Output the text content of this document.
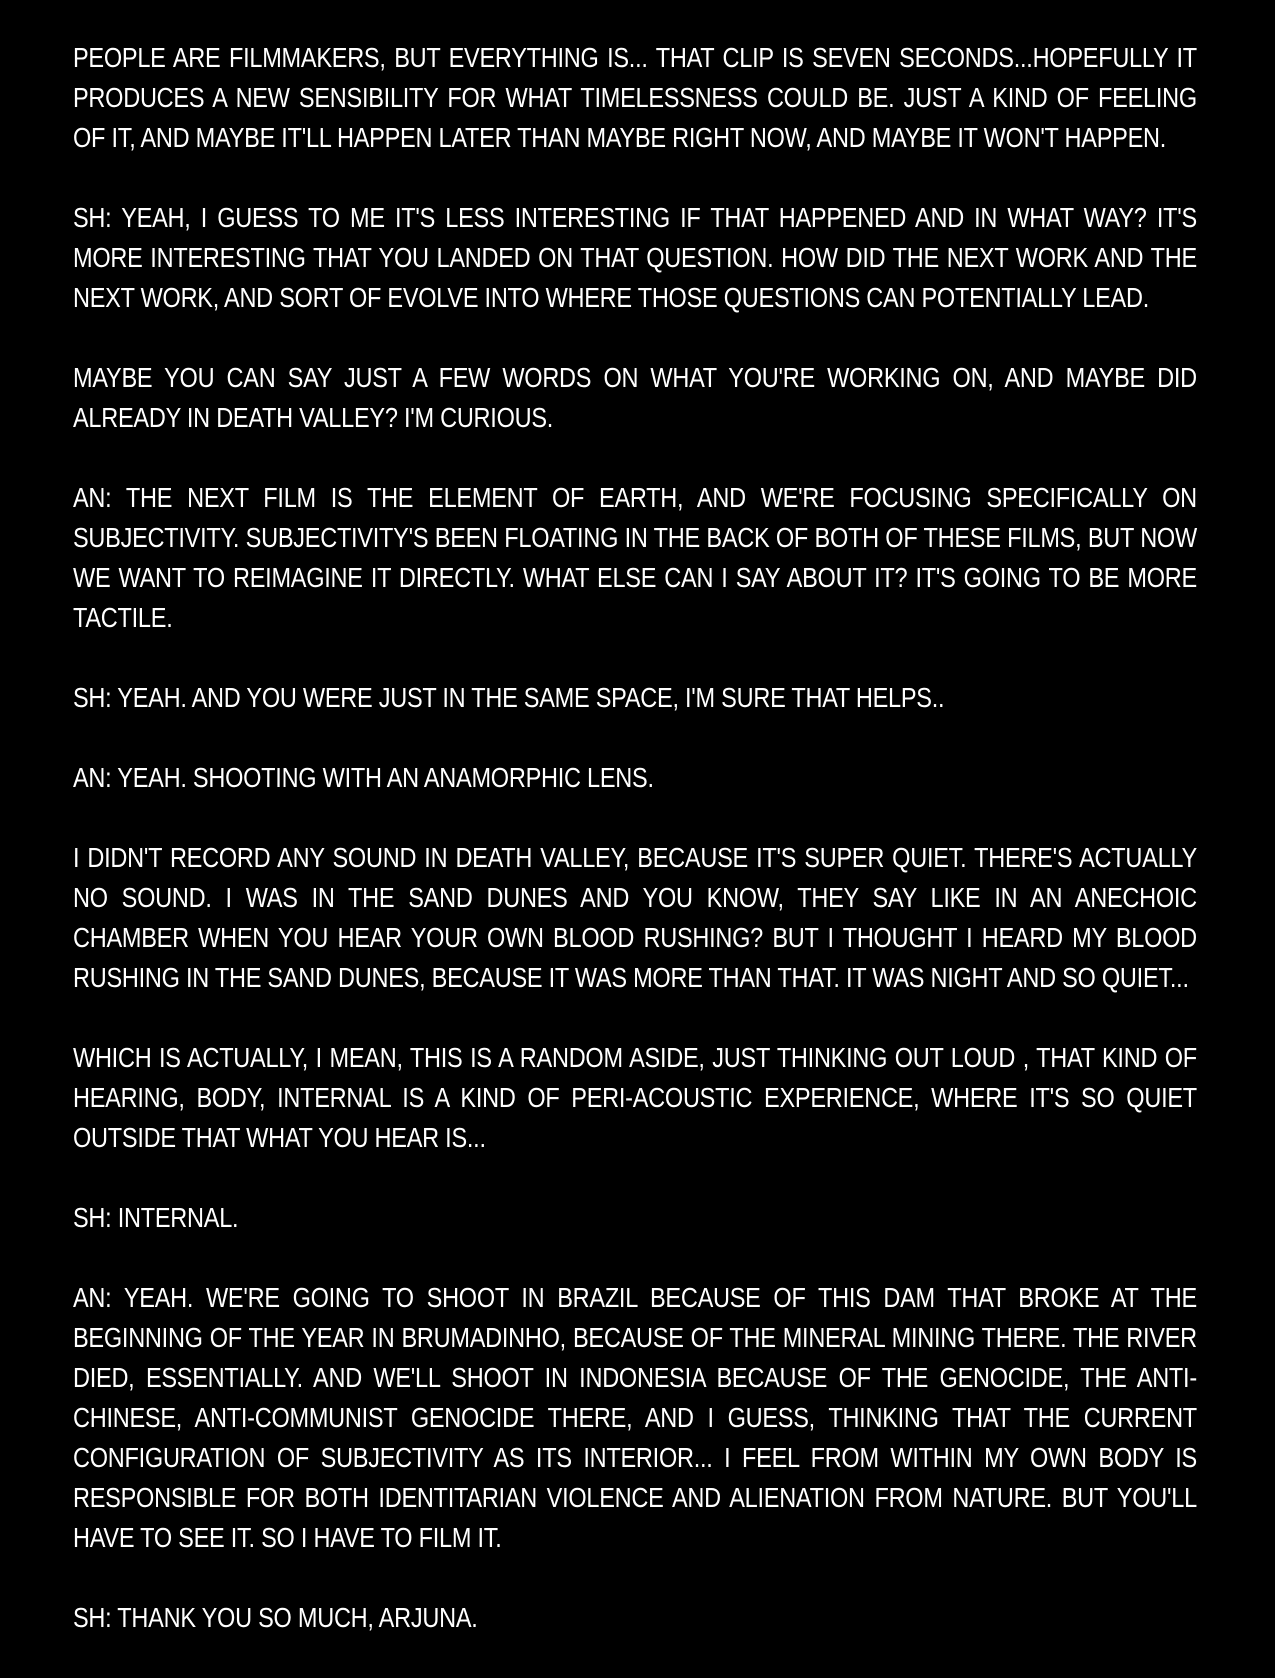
PEOPLE ARE FILMMAKERS, BUT EVERYTHING IS... THAT CLIP IS SEVEN SECONDS...HOPEFULLY IT PRODUCES A NEW SENSIBILITY FOR WHAT TIMELESSNESS COULD BE. JUST A KIND OF FEELING OF IT, AND MAYBE IT'LL HAPPEN LATER THAN MAYBE RIGHT NOW, AND MAYBE IT WON'T HAPPEN.

SH: YEAH, I GUESS TO ME IT'S LESS INTERESTING IF THAT HAPPENED AND IN WHAT WAY? IT'S MORE INTERESTING THAT YOU LANDED ON THAT QUESTION. HOW DID THE NEXT WORK AND THE NEXT WORK, AND SORT OF EVOLVE INTO WHERE THOSE QUESTIONS CAN POTENTIALLY LEAD.

MAYBE YOU CAN SAY JUST A FEW WORDS ON WHAT YOU'RE WORKING ON, AND MAYBE DID ALREADY IN DEATH VALLEY? I'M CURIOUS.

AN: THE NEXT FILM IS THE ELEMENT OF EARTH, AND WE'RE FOCUSING SPECIFICALLY ON SUBJECTIVITY. SUBJECTIVITY'S BEEN FLOATING IN THE BACK OF BOTH OF THESE FILMS, BUT NOW WE WANT TO REIMAGINE IT DIRECTLY. WHAT ELSE CAN I SAY ABOUT IT? IT'S GOING TO BE MORE TACTILE.

SH: YEAH. AND YOU WERE JUST IN THE SAME SPACE, I'M SURE THAT HELPS..

AN: YEAH. SHOOTING WITH AN ANAMORPHIC LENS.

I DIDN'T RECORD ANY SOUND IN DEATH VALLEY, BECAUSE IT'S SUPER QUIET. THERE'S ACTUALLY NO SOUND. I WAS IN THE SAND DUNES AND YOU KNOW, THEY SAY LIKE IN AN ANECHOIC CHAMBER WHEN YOU HEAR YOUR OWN BLOOD RUSHING? BUT I THOUGHT I HEARD MY BLOOD RUSHING IN THE SAND DUNES, BECAUSE IT WAS MORE THAN THAT. IT WAS NIGHT AND SO QUIET...

WHICH IS ACTUALLY, I MEAN, THIS IS A RANDOM ASIDE, JUST THINKING OUT LOUD , THAT KIND OF HEARING, BODY, INTERNAL IS A KIND OF PERI-ACOUSTIC EXPERIENCE, WHERE IT'S SO QUIET OUTSIDE THAT WHAT YOU HEAR IS...

SH: INTERNAL.

AN: YEAH. WE'RE GOING TO SHOOT IN BRAZIL BECAUSE OF THIS DAM THAT BROKE AT THE BEGINNING OF THE YEAR IN BRUMADINHO, BECAUSE OF THE MINERAL MINING THERE. THE RIVER DIED, ESSENTIALLY. AND WE'LL SHOOT IN INDONESIA BECAUSE OF THE GENOCIDE, THE ANTI-CHINESE, ANTI-COMMUNIST GENOCIDE THERE, AND I GUESS, THINKING THAT THE CURRENT CONFIGURATION OF SUBJECTIVITY AS ITS INTERIOR... I FEEL FROM WITHIN MY OWN BODY IS RESPONSIBLE FOR BOTH IDENTITARIAN VIOLENCE AND ALIENATION FROM NATURE. BUT YOU'LL HAVE TO SEE IT. SO I HAVE TO FILM IT.

SH: THANK YOU SO MUCH, ARJUNA.
